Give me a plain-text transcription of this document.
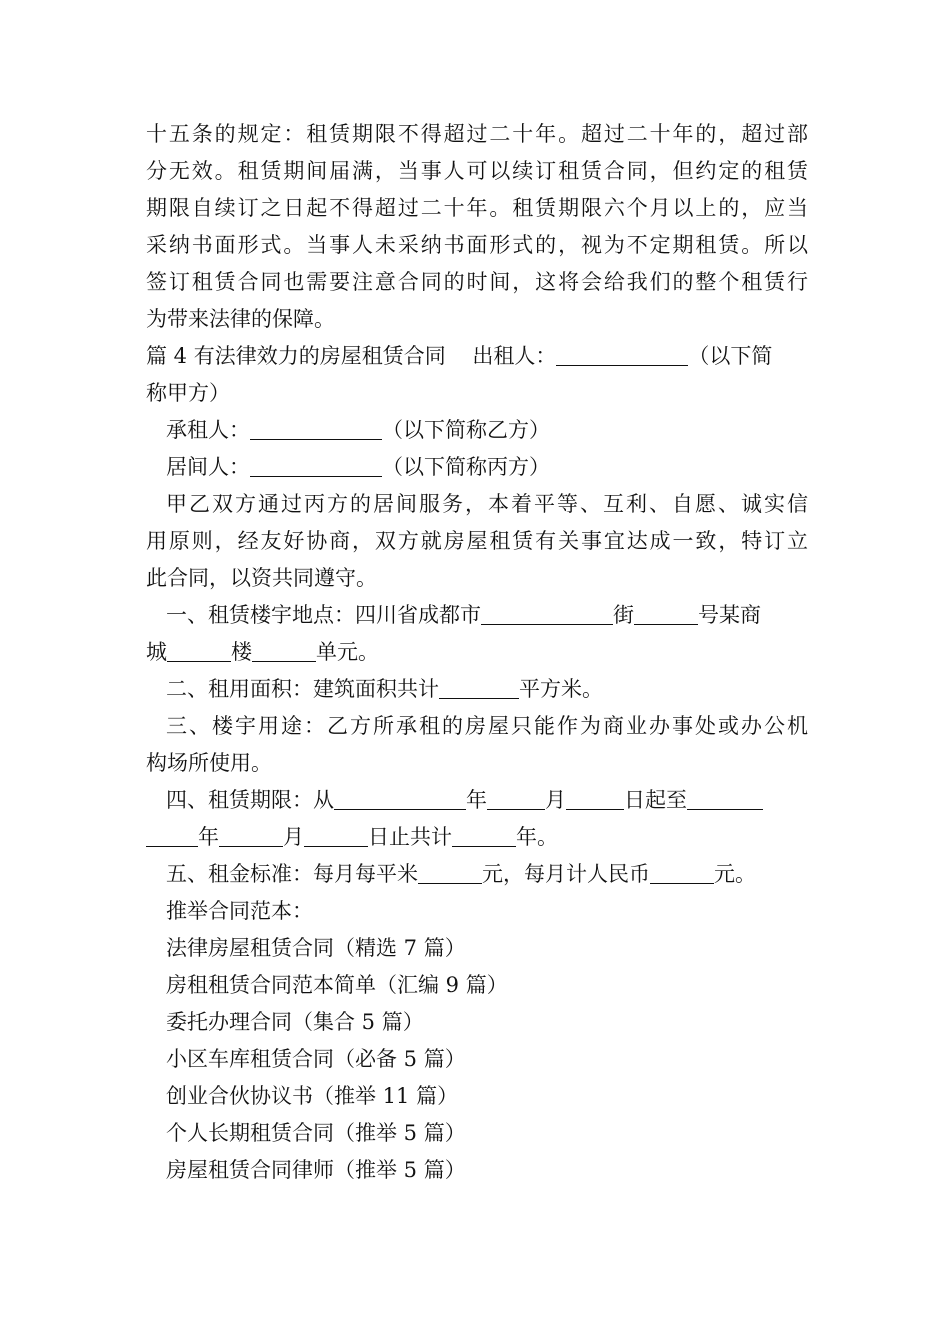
十五条的规定：租赁期限不得超过二十年。超过二十年的，超过部
分无效。租赁期间届满，当事人可以续订租赁合同，但约定的租赁
期限自续订之日起不得超过二十年。租赁期限六个月以上的，应当
采纳书面形式。当事人未采纳书面形式的，视为不定期租赁。所以
签订租赁合同也需要注意合同的时间，这将会给我们的整个租赁行
为带来法律的保障。
篇 4 有法律效力的房屋租赁合同    出租人：	（以下简
称甲方）
承租人：	（以下简称乙方）
居间人：	（以下简称丙方）
甲乙双方通过丙方的居间服务，本着平等、互利、自愿、诚实信
用原则，经友好协商，双方就房屋租赁有关事宜达成一致，特订立
此合同，以资共同遵守。
一、租赁楼宇地点：四川省成都市	街	号某商
城	楼	单元。
二、租用面积：建筑面积共计	平方米。
三、楼宇用途：乙方所承租的房屋只能作为商业办事处或办公机
构场所使用。
四、租赁期限：从	年	月	日起至
年	月	日止共计	年。
五、租金标准：每月每平米	元，每月计人民币	元。
推举合同范本：
法律房屋租赁合同（精选 7 篇）
房租租赁合同范本简单（汇编 9 篇）
委托办理合同（集合 5 篇）
小区车库租赁合同（必备 5 篇）
创业合伙协议书（推举 11 篇）
个人长期租赁合同（推举 5 篇）
房屋租赁合同律师（推举 5 篇）
